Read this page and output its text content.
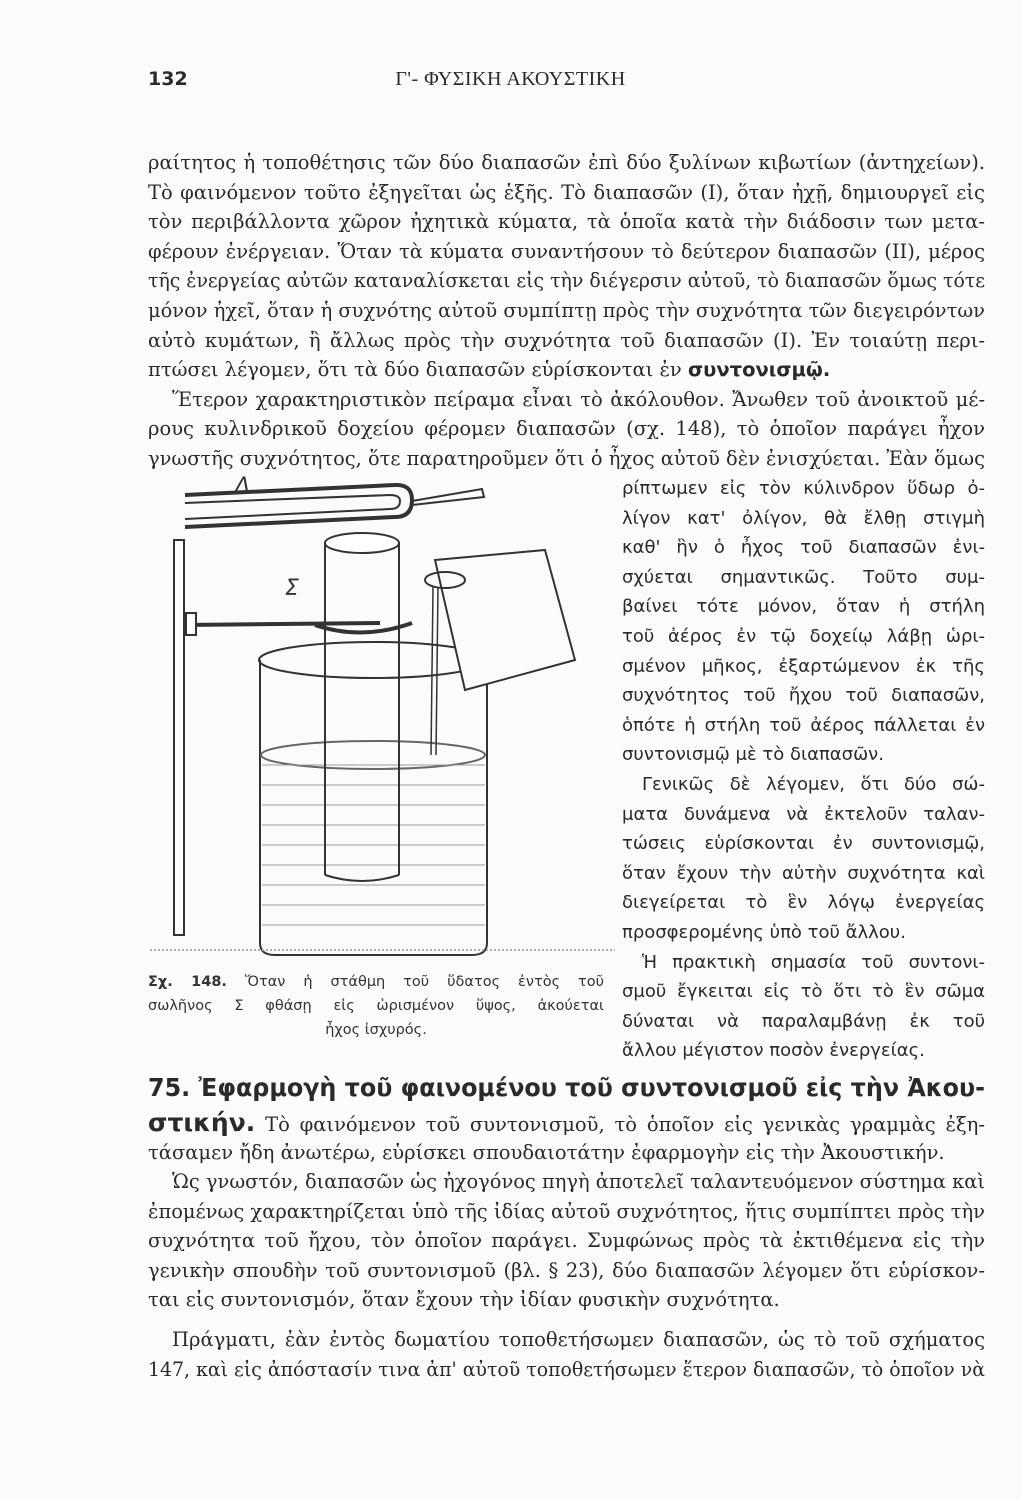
132	Γ'- ΦΥΣΙΚΗ ΑΚΟΥΣΤΙΚΗ
ραίτητος ἡ τοποθέτησις τῶν δύο διαπασῶν ἐπὶ δύο ξυλίνων κιβωτίων (ἀντηχείων).
Τὸ φαινόμενον τοῦτο ἐξηγεῖται ὡς ἑξῆς. Τὸ διαπασῶν (I), ὅταν ἠχῇ, δημιουργεῖ εἰς
τὸν περιβάλλοντα χῶρον ἠχητικὰ κύματα, τὰ ὁποῖα κατὰ τὴν διάδοσιν των μετα-
φέρουν ἐνέργειαν. Ὅταν τὰ κύματα συναντήσουν τὸ δεύτερον διαπασῶν (II), μέρος
τῆς ἐνεργείας αὐτῶν καταναλίσκεται εἰς τὴν διέγερσιν αὐτοῦ, τὸ διαπασῶν ὅμως τότε
μόνον ἠχεῖ, ὅταν ἡ συχνότης αὐτοῦ συμπίπτῃ πρὸς τὴν συχνότητα τῶν διεγειρόντων
αὐτὸ κυμάτων, ἢ ἄλλως πρὸς τὴν συχνότητα τοῦ διαπασῶν (I). Ἐν τοιαύτῃ περι-
πτώσει λέγομεν, ὅτι τὰ δύο διαπασῶν εὑρίσκονται ἐν συντονισμῷ.
Ἕτερον χαρακτηριστικὸν πείραμα εἶναι τὸ ἀκόλουθον. Ἄνωθεν τοῦ ἀνοικτοῦ μέ-
ρους κυλινδρικοῦ δοχείου φέρομεν διαπασῶν (σχ. 148), τὸ ὁποῖον παράγει ἦχον
γνωστῆς συχνότητος, ὅτε παρατηροῦμεν ὅτι ὁ ἦχος αὐτοῦ δὲν ἐνισχύεται. Ἐὰν ὅμως
ρίπτωμεν εἰς τὸν κύλινδρον ὕδωρ ὀ-
λίγον κατ' ὀλίγον, θὰ ἔλθῃ στιγμὴ
καθ' ἣν ὁ ἦχος τοῦ διαπασῶν ἐνι-
σχύεται σημαντικῶς. Τοῦτο συμ-
βαίνει τότε μόνον, ὅταν ἡ στήλη
τοῦ ἀέρος ἐν τῷ δοχείῳ λάβῃ ὡρι-
σμένον μῆκος, ἐξαρτώμενον ἐκ τῆς
συχνότητος τοῦ ἤχου τοῦ διαπασῶν,
ὁπότε ἡ στήλη τοῦ ἀέρος πάλλεται ἐν
συντονισμῷ μὲ τὸ διαπασῶν.
Γενικῶς δὲ λέγομεν, ὅτι δύο σώ-
ματα δυνάμενα νὰ ἐκτελοῦν ταλαν-
τώσεις εὑρίσκονται ἐν συντονισμῷ,
ὅταν ἔχουν τὴν αὐτὴν συχνότητα καὶ
διεγείρεται τὸ ἓν λόγῳ ἐνεργείας
προσφερομένης ὑπὸ τοῦ ἄλλου.
Ἡ πρακτικὴ σημασία τοῦ συντονι-
σμοῦ ἔγκειται εἰς τὸ ὅτι τὸ ἓν σῶμα
δύναται νὰ παραλαμβάνῃ ἐκ τοῦ
ἄλλου μέγιστον ποσὸν ἐνεργείας.
75. Ἐφαρμογὴ τοῦ φαινομένου τοῦ συντονισμοῦ εἰς τὴν Ἀκου-
στικήν. Τὸ φαινόμενον τοῦ συντονισμοῦ, τὸ ὁποῖον εἰς γενικὰς γραμμὰς ἐξη-
τάσαμεν ἤδη ἀνωτέρω, εὑρίσκει σπουδαιοτάτην ἐφαρμογὴν εἰς τὴν Ἀκουστικήν.
Ὡς γνωστόν, διαπασῶν ὡς ἠχογόνος πηγὴ ἀποτελεῖ ταλαντευόμενον σύστημα καὶ
ἐπομένως χαρακτηρίζεται ὑπὸ τῆς ἰδίας αὐτοῦ συχνότητος, ἥτις συμπίπτει πρὸς τὴν
συχνότητα τοῦ ἤχου, τὸν ὁποῖον παράγει. Συμφώνως πρὸς τὰ ἐκτιθέμενα εἰς τὴν
γενικὴν σπουδὴν τοῦ συντονισμοῦ (βλ. § 23), δύο διαπασῶν λέγομεν ὅτι εὑρίσκον-
ται εἰς συντονισμόν, ὅταν ἔχουν τὴν ἰδίαν φυσικὴν συχνότητα.
Πράγματι, ἐὰν ἐντὸς δωματίου τοποθετήσωμεν διαπασῶν, ὡς τὸ τοῦ σχήματος
147, καὶ εἰς ἀπόστασίν τινα ἀπ' αὐτοῦ τοποθετήσωμεν ἕτερον διαπασῶν, τὸ ὁποῖον νὰ
Δ
Σ
Σχ. 148. Ὅταν ἡ στάθμη τοῦ ὕδατος ἐντὸς τοῦ
σωλῆνος Σ φθάσῃ εἰς ὡρισμένον ὕψος, ἀκούεται
ἦχος ἰσχυρός.
